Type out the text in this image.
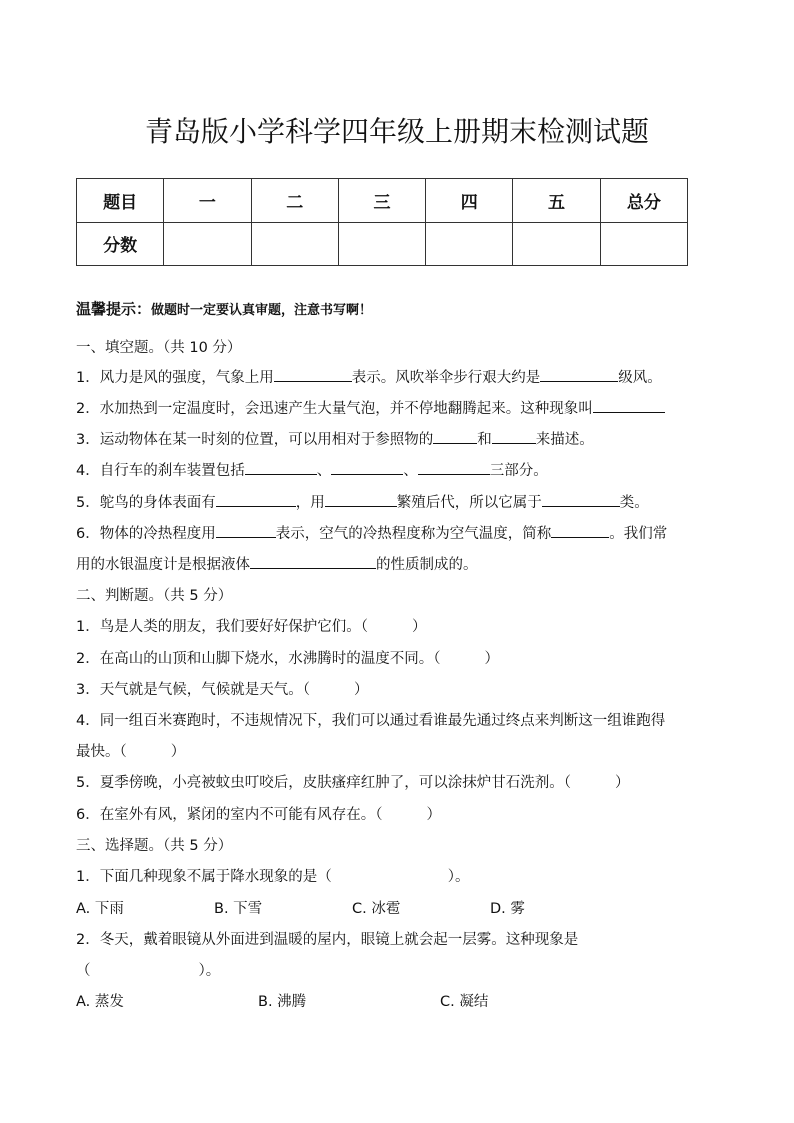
青岛版小学科学四年级上册期末检测试题
题目	一	二	三	四	五	总分
分数						
温馨提示：做题时一定要认真审题，注意书写啊！
一、填空题。（共 10 分）
1．风力是风的强度，气象上用	表示。风吹举伞步行艰大约是	级风。
2．水加热到一定温度时，会迅速产生大量气泡，并不停地翻腾起来。这种现象叫
3．运动物体在某一时刻的位置，可以用相对于参照物的	和	来描述。
4．自行车的刹车装置包括	、	、	三部分。
5．鸵鸟的身体表面有	，用	繁殖后代，所以它属于	类。
6．物体的冷热程度用	表示，空气的冷热程度称为空气温度，简称	。我们常
用的水银温度计是根据液体	的性质制成的。
二、判断题。（共 5 分）
1．鸟是人类的朋友，我们要好好保护它们。（	）
2．在高山的山顶和山脚下烧水，水沸腾时的温度不同。（	）
3．天气就是气候，气候就是天气。（	）
4．同一组百米赛跑时，不违规情况下，我们可以通过看谁最先通过终点来判断这一组谁跑得
最快。（	）
5．夏季傍晚，小亮被蚊虫叮咬后，皮肤瘙痒红肿了，可以涂抹炉甘石洗剂。（	）
6．在室外有风，紧闭的室内不可能有风存在。（	）
三、选择题。（共 5 分）
1．下面几种现象不属于降水现象的是（	）。
A. 下雨	B. 下雪	C. 冰雹	D. 雾
2．冬天，戴着眼镜从外面进到温暖的屋内，眼镜上就会起一层雾。这种现象是
（	）。
A. 蒸发	B. 沸腾	C. 凝结
